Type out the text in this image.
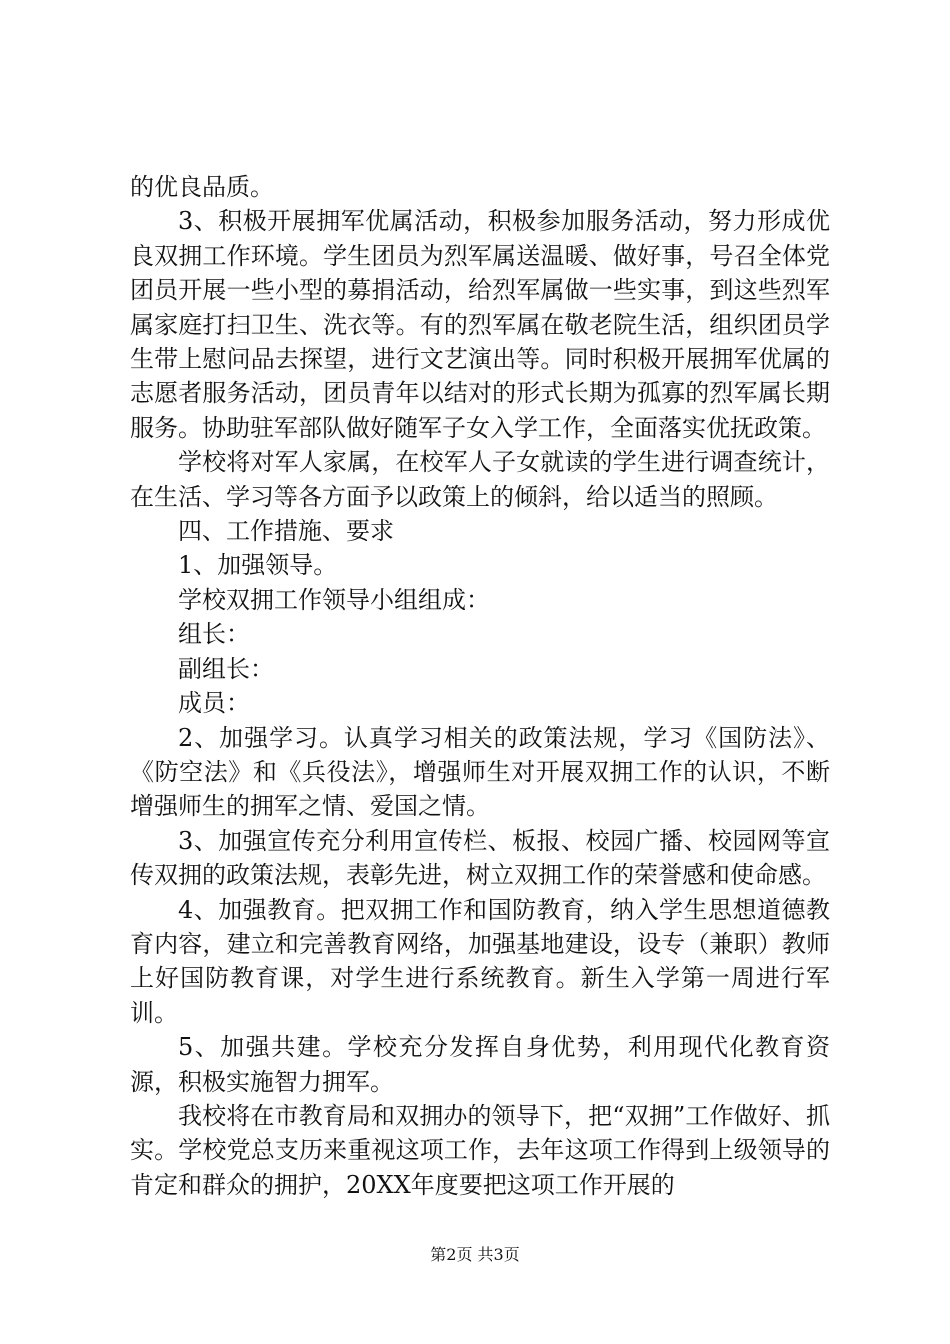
的优良品质。

3、积极开展拥军优属活动，积极参加服务活动，努力形成优良双拥工作环境。学生团员为烈军属送温暖、做好事，号召全体党团员开展一些小型的募捐活动，给烈军属做一些实事，到这些烈军属家庭打扫卫生、洗衣等。有的烈军属在敬老院生活，组织团员学生带上慰问品去探望，进行文艺演出等。同时积极开展拥军优属的志愿者服务活动，团员青年以结对的形式长期为孤寡的烈军属长期服务。协助驻军部队做好随军子女入学工作，全面落实优抚政策。

学校将对军人家属，在校军人子女就读的学生进行调查统计，在生活、学习等各方面予以政策上的倾斜，给以适当的照顾。

四、工作措施、要求

1、加强领导。

学校双拥工作领导小组组成：

组长：

副组长：

成员：

2、加强学习。认真学习相关的政策法规，学习《国防法》、《防空法》和《兵役法》，增强师生对开展双拥工作的认识，不断增强师生的拥军之情、爱国之情。

3、加强宣传充分利用宣传栏、板报、校园广播、校园网等宣传双拥的政策法规，表彰先进，树立双拥工作的荣誉感和使命感。

4、加强教育。把双拥工作和国防教育，纳入学生思想道德教育内容，建立和完善教育网络，加强基地建设，设专（兼职）教师上好国防教育课，对学生进行系统教育。新生入学第一周进行军训。

5、加强共建。学校充分发挥自身优势，利用现代化教育资源，积极实施智力拥军。

我校将在市教育局和双拥办的领导下，把“双拥”工作做好、抓实。学校党总支历来重视这项工作，去年这项工作得到上级领导的肯定和群众的拥护，20XX年度要把这项工作开展的

第2页 共3页
